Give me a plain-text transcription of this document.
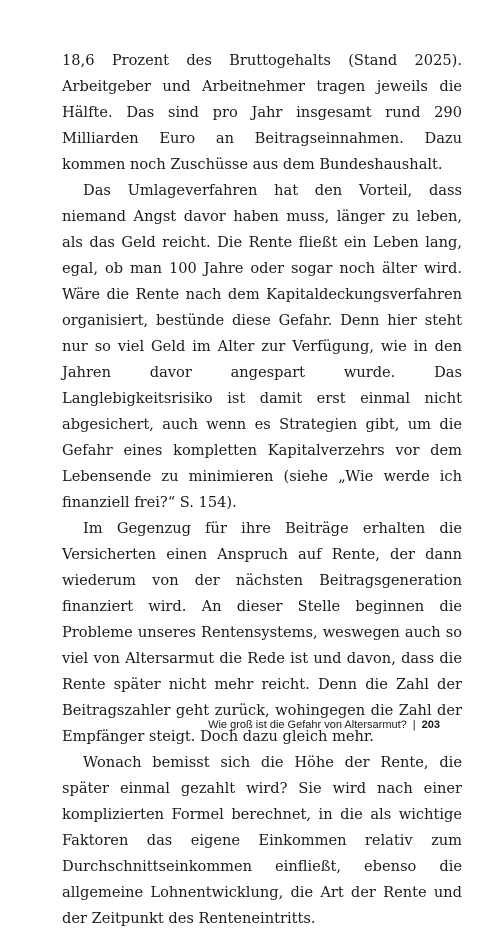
18,6 Prozent des Bruttogehalts (Stand 2025). Arbeitgeber und Arbeitnehmer tragen jeweils die Hälfte. Das sind pro Jahr insgesamt rund 290 Milliarden Euro an Beitragseinnahmen. Dazu kommen noch Zuschüsse aus dem Bundeshaushalt.

Das Umlageverfahren hat den Vorteil, dass niemand Angst davor haben muss, länger zu leben, als das Geld reicht. Die Rente fließt ein Leben lang, egal, ob man 100 Jahre oder sogar noch älter wird. Wäre die Rente nach dem Kapitaldeckungsverfahren organisiert, bestünde diese Gefahr. Denn hier steht nur so viel Geld im Alter zur Verfügung, wie in den Jahren davor angespart wurde. Das Langlebigkeitsrisiko ist damit erst einmal nicht abgesichert, auch wenn es Strategien gibt, um die Gefahr eines kompletten Kapitalverzehrs vor dem Lebensende zu minimieren (siehe „Wie werde ich finanziell frei?“ S. 154).

Im Gegenzug für ihre Beiträge erhalten die Versicherten einen Anspruch auf Rente, der dann wiederum von der nächsten Beitragsgeneration finanziert wird. An dieser Stelle beginnen die Probleme unseres Rentensystems, weswegen auch so viel von Altersarmut die Rede ist und davon, dass die Rente später nicht mehr reicht. Denn die Zahl der Beitragszahler geht zurück, wohingegen die Zahl der Empfänger steigt. Doch dazu gleich mehr.

Wonach bemisst sich die Höhe der Rente, die später einmal gezahlt wird? Sie wird nach einer komplizierten Formel berechnet, in die als wichtige Faktoren das eigene Einkommen relativ zum Durchschnittseinkommen einfließt, ebenso die allgemeine Lohnentwicklung, die Art der Rente und der Zeitpunkt des Renteneintritts.

Wie groß ist die Gefahr von Altersarmut? | 203
